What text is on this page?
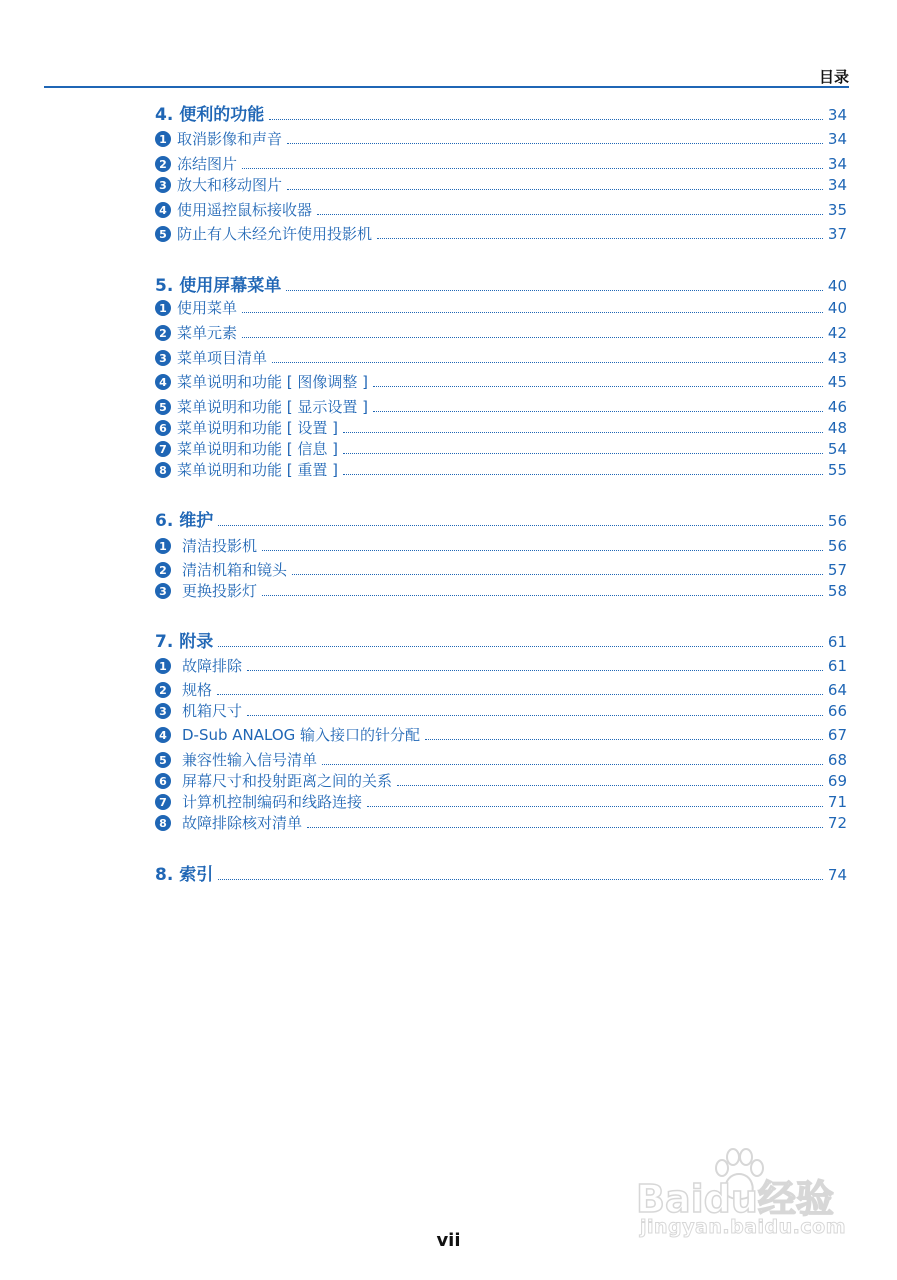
目录
4. 便利的功能	34
1 取消影像和声音	34
2 冻结图片	34
3 放大和移动图片	34
4 使用遥控鼠标接收器	35
5 防止有人未经允许使用投影机	37
5. 使用屏幕菜单	40
1 使用菜单	40
2 菜单元素	42
3 菜单项目清单	43
4 菜单说明和功能 [ 图像调整 ]	45
5 菜单说明和功能 [ 显示设置 ]	46
6 菜单说明和功能 [ 设置 ]	48
7 菜单说明和功能 [ 信息 ]	54
8 菜单说明和功能 [ 重置 ]	55
6. 维护	56
1 清洁投影机	56
2 清洁机箱和镜头	57
3 更换投影灯	58
7. 附录	61
1 故障排除	61
2 规格	64
3 机箱尺寸	66
4 D-Sub ANALOG 输入接口的针分配	67
5 兼容性输入信号清单	68
6 屏幕尺寸和投射距离之间的关系	69
7 计算机控制编码和线路连接	71
8 故障排除核对清单	72
8. 索引	74
vii
Baidu经验
jingyan.baidu.com
